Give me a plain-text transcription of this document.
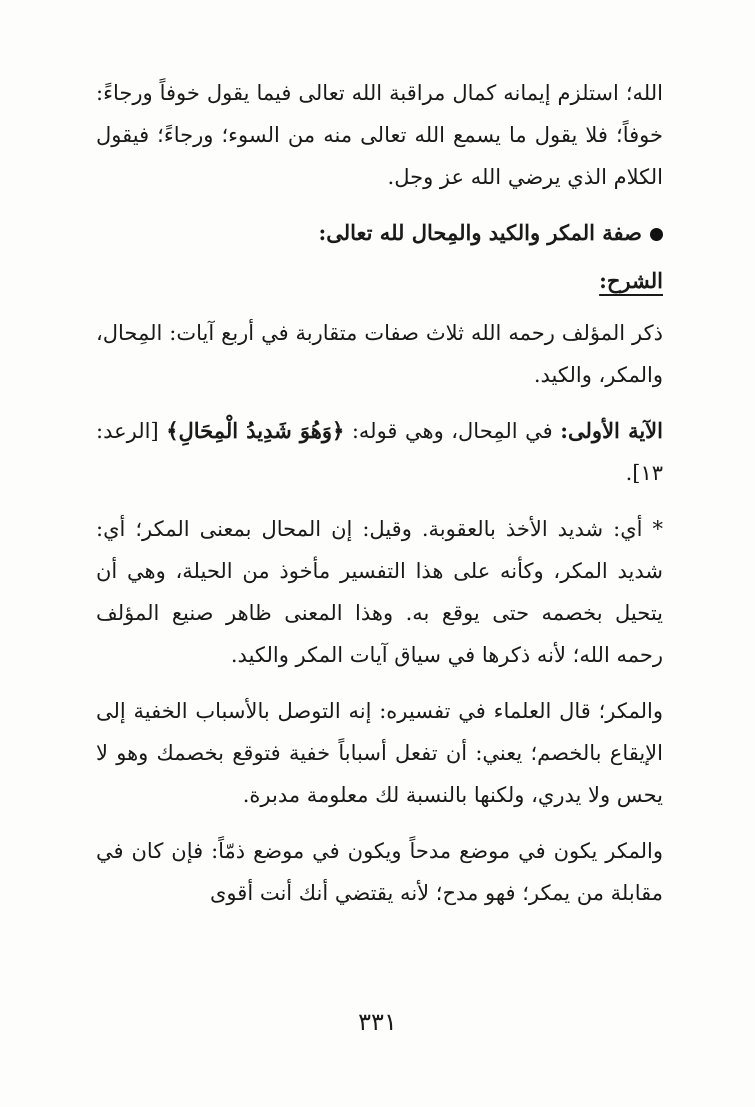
الله؛ استلزم إيمانه كمال مراقبة الله تعالى فيما يقول خوفاً ورجاءً: خوفاً؛ فلا يقول ما يسمع الله تعالى منه من السوء؛ ورجاءً؛ فيقول الكلام الذي يرضي الله عز وجل.

صفة المكر والكيد والمِحال لله تعالى:

الشرح:

ذكر المؤلف رحمه الله ثلاث صفات متقاربة في أربع آيات: المِحال، والمكر، والكيد.

الآية الأولى: في المِحال، وهي قوله: ﴿وَهُوَ شَدِيدُ الْمِحَالِ﴾ [الرعد: ١٣].

* أي: شديد الأخذ بالعقوبة. وقيل: إن المحال بمعنى المكر؛ أي: شديد المكر، وكأنه على هذا التفسير مأخوذ من الحيلة، وهي أن يتحيل بخصمه حتى يوقع به. وهذا المعنى ظاهر صنيع المؤلف رحمه الله؛ لأنه ذكرها في سياق آيات المكر والكيد.

والمكر؛ قال العلماء في تفسيره: إنه التوصل بالأسباب الخفية إلى الإيقاع بالخصم؛ يعني: أن تفعل أسباباً خفية فتوقع بخصمك وهو لا يحس ولا يدري، ولكنها بالنسبة لك معلومة مدبرة.

والمكر يكون في موضع مدحاً ويكون في موضع ذمّاً: فإن كان في مقابلة من يمكر؛ فهو مدح؛ لأنه يقتضي أنك أنت أقوى

٣٣١
